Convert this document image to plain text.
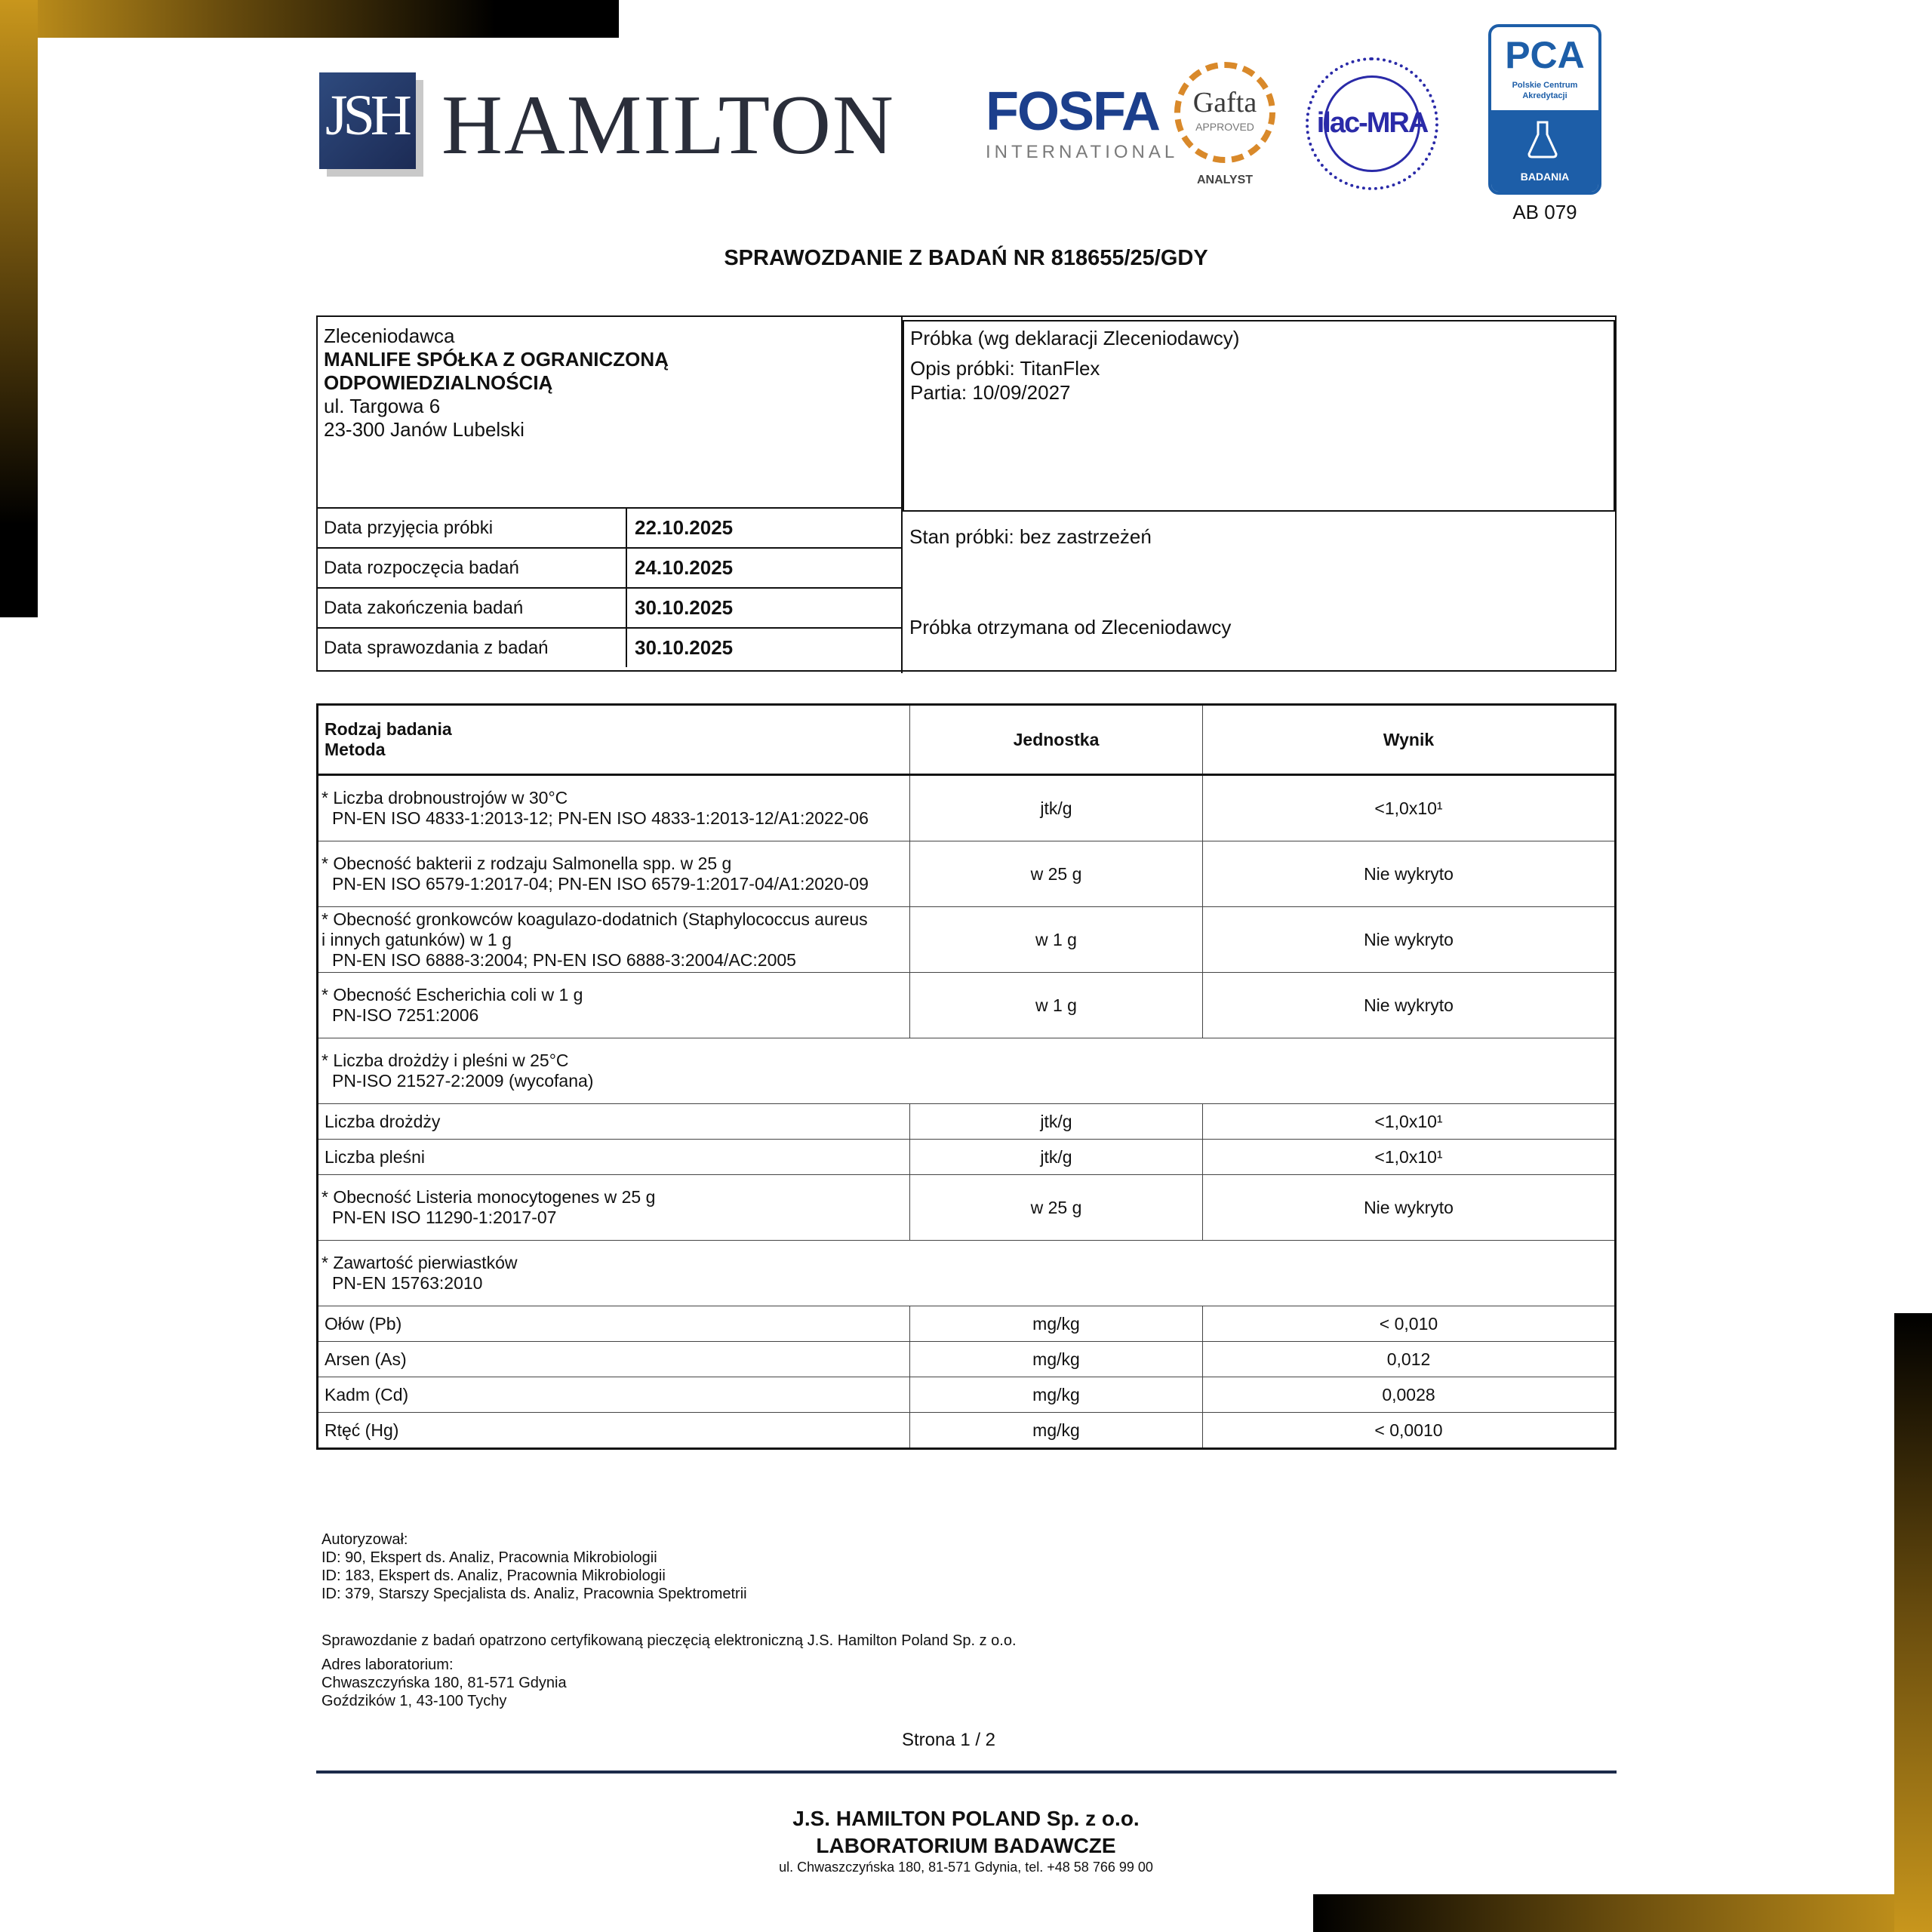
JSH HAMILTON FOSFA
INTERNATIONAL
Gafta
APPROVED
ANALYST
ilac-MRA
PCA
Polskie Centrum
Akredytacji
BADANIA
AB 079
SPRAWOZDANIE Z BADAŃ NR 818655/25/GDY
Zleceniodawca
MANLIFE SPÓŁKA Z OGRANICZONĄ
ODPOWIEDZIALNOŚCIĄ
ul. Targowa 6
23-300 Janów Lubelski
Data przyjęcia próbki	22.10.2025
Data rozpoczęcia badań	24.10.2025
Data zakończenia badań	30.10.2025
Data sprawozdania z badań	30.10.2025
Próbka (wg deklaracji Zleceniodawcy)
Opis próbki: TitanFlex
Partia: 10/09/2027
Stan próbki: bez zastrzeżeń
Próbka otrzymana od Zleceniodawcy
Rodzaj badania
Metoda	Jednostka	Wynik
* Liczba drobnoustrojów w 30°C
PN-EN ISO 4833-1:2013-12; PN-EN ISO 4833-1:2013-12/A1:2022-06	jtk/g	<1,0x10¹
* Obecność bakterii z rodzaju Salmonella spp. w 25 g
PN-EN ISO 6579-1:2017-04; PN-EN ISO 6579-1:2017-04/A1:2020-09	w 25 g	Nie wykryto

* Obecność gronkowców koagulazo-dodatnich (Staphylococcus aureus
i innych gatunków) w 1 g
PN-EN ISO 6888-3:2004; PN-EN ISO 6888-3:2004/AC:2005	w 1 g	Nie wykryto
* Obecność Escherichia coli w 1 g
PN-ISO 7251:2006	w 1 g	Nie wykryto
* Liczba drożdży i pleśni w 25°C
PN-ISO 21527-2:2009 (wycofana)		

Liczba drożdży	jtk/g	<1,0x10¹
Liczba pleśni	jtk/g	<1,0x10¹
* Obecność Listeria monocytogenes w 25 g
PN-EN ISO 11290-1:2017-07	w 25 g	Nie wykryto
* Zawartość pierwiastków
PN-EN 15763:2010		

Ołów (Pb)	mg/kg	< 0,010
Arsen (As)	mg/kg	0,012
Kadm (Cd)	mg/kg	0,0028
Rtęć (Hg)	mg/kg	< 0,0010
Autoryzował:
ID: 90, Ekspert ds. Analiz, Pracownia Mikrobiologii
ID: 183, Ekspert ds. Analiz, Pracownia Mikrobiologii
ID: 379, Starszy Specjalista ds. Analiz, Pracownia Spektrometrii
Sprawozdanie z badań opatrzono certyfikowaną pieczęcią elektroniczną J.S. Hamilton Poland Sp. z o.o.
Adres laboratorium:
Chwaszczyńska 180, 81-571 Gdynia
Goździków 1, 43-100 Tychy
Strona 1 / 2
J.S. HAMILTON POLAND Sp. z o.o.
LABORATORIUM BADAWCZE
ul. Chwaszczyńska 180, 81-571 Gdynia, tel. +48 58 766 99 00
